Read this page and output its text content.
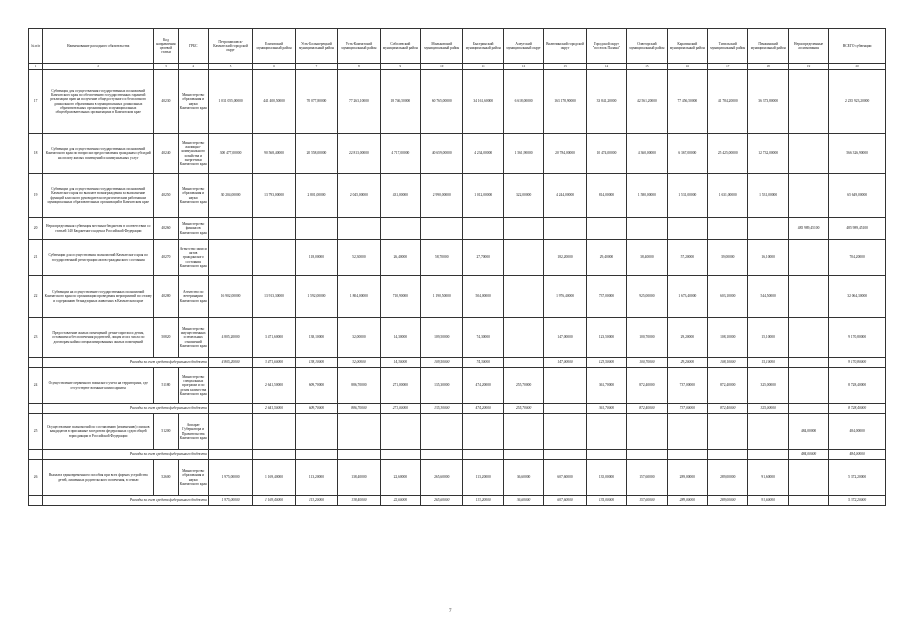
№ п/п	Наименование расходного обязательства	Код направления целевой статьи	ГРБС	Петропавловск-Камчатский городской округ	Елизовский муниципальный район	Усть-Большерецкий муниципальный район	Усть-Камчатский муниципальный район	Соболевский муниципальный район	Мильковский муниципальный район	Быстринский муниципальный район	Алеутский муниципальный округ	Вилючинский городской округ	Городской округ "поселок Палана"	Олюторский муниципальный район	Карагинский муниципальный район	Тигильский муниципальный район	Пенжинский муниципальный район	Нераспределенные ассигнования	ВСЕГО субвенции
1	2	3	4	5	6	7	8	9	10	11	12	13	14	15	16	17	18	19	20
17	Субвенция для осуществления государственных полномочий Камчатского края по обеспечению государственных гарантий реализации прав на получение общедоступного и бесплатного дошкольного образования в муниципальных дошкольных образовательных организациях и муниципальных общеобразовательных организациях в Камчатском крае	40230	Министерство образования и науки Камчатского края	1 031 055,00000	441 400,50000	70 077,80000	77 263,10000	18 746,50000	60 765,00000	34 161,60000	6 618,00000	163 178,90000	33 841,20000	42 561,20000	77 456,50000	41 784,20000	36 373,80000		2 235 923,20000
18	Субвенции для осуществления государственных полномочий Камчатского края по вопросам предоставления гражданам субсидий на оплату жилых помещений и коммунальных услуг	40240	Министерство жилищно-коммунального хозяйства и энергетики Камчатского края	300 477,00000	90 568,40000	20 558,00000	22 813,00000	4 717,00000	40 659,00000	4 234,00000	1 561,90000	20 784,00000	10 474,00000	4 360,00000	6 367,00000	25 425,00000	12 732,00000		566 326,90000
19	Субвенции для осуществления государственных полномочий Камчатского края по выплате вознаграждения за выполнение функций классного руководителя педагогическим работникам муниципальных образовательных организаций в Камчатском крае	40250	Министерство образования и науки Камчатского края	30 204,00000	13 793,00000	2 801,00000	2 045,00000	431,00000	2 990,00000	1 012,00000	322,00000	4 244,00000	814,00000	1 580,00000	1 531,00000	1 631,00000	1 531,00000		65 649,00000
20	Нераспределенная субвенция местным бюджетам в соответствии со статьей 140 Бюджетного кодекса Российской Федерации	40260	Министерство финансов Камчатского края															485 989,45100	485 989,45100
21	Субвенции для осуществления полномочий Камчатского края по государственной регистрации актов гражданского состояния	40270	Агентство записи актов гражданского состояния Камчатского края			118,00000	52,30000	26,40000	58,70000	27,70000		182,20000	29,40000	38,40000	57,20000	39,00000	16,10000		704,20000
22	Субвенции на осуществление государственных полномочий Камчатского края по организации проведения мероприятий по отлову и содержанию безнадзорных животных в Камчатском крае	40280	Агентство по ветеринарии Камчатского края	16 902,00000	13 913,30000	1 592,00000	1 804,00000	710,90000	1 190,50000	504,00000		1 976,40000	737,00000	925,00000	1 673,40000	603,10000	544,50000		32 064,30000
23	Предоставление жилых помещений детям-сиротам и детям, оставшимся без попечения родителей, лицам из их числа по договорам найма специализированных жилых помещений	50820	Министерство имущественных и земельных отношений Камчатского края	4 805,20000	3 471,60000	138,10000	32,00000	14,30000	109,50000	74,30000		147,00000	123,50000	100,70000	29,20000	108,10000	15,10000		9 170,80000
	Расходы за счет средств федерального бюджета			4 805,20000	3 471,60000	138,10000	32,00000	14,30000	109,50000	74,30000		147,00000	123,50000	100,70000	29,20000	108,10000	15,10000		9 170,80000
24	Осуществление первичного воинского учета на территориях, где отсутствуют военные комиссариаты	51180	Министерство специальных программ и по делам казачества Камчатского края		2 641,50000	609,70000	886,70000	271,00000	135,30000	474,20000	255,70000		361,70000	872,40000	737,00000	872,40000	325,00000		8 728,40000
	Расходы за счет средств федерального бюджета				2 641,50000	609,70000	886,70000	271,00000	135,30000	474,20000	255,70000		361,70000	872,40000	737,00000	872,40000	325,00000		8 728,40000
25	Осуществление полномочий по составлению (изменению) списков кандидатов в присяжные заседатели федеральных судов общей юрисдикции в Российской Федерации	51200	Аппарат Губернатора и Правительства Камчатского края															484,00000	484,00000
	Расходы за счет средств федерального бюджета																	484,00000	484,00000
26	Выплата единовременного пособия при всех формах устройства детей, лишенных родительского попечения, в семью	52600	Министерство образования и науки Камчатского края	1 975,00000	1 169,40000	113,20000	138,40000	22,60000	265,60000	113,20000	36,60000	607,60000	135,00000	157,60000	289,00000	289,00000	91,60000		5 372,20000
	Расходы за счет средств федерального бюджета			1 975,00000	1 169,40000	113,20000	138,40000	22,60000	265,60000	113,20000	36,60000	607,60000	135,00000	157,60000	289,00000	289,00000	91,60000		5 372,20000
7
